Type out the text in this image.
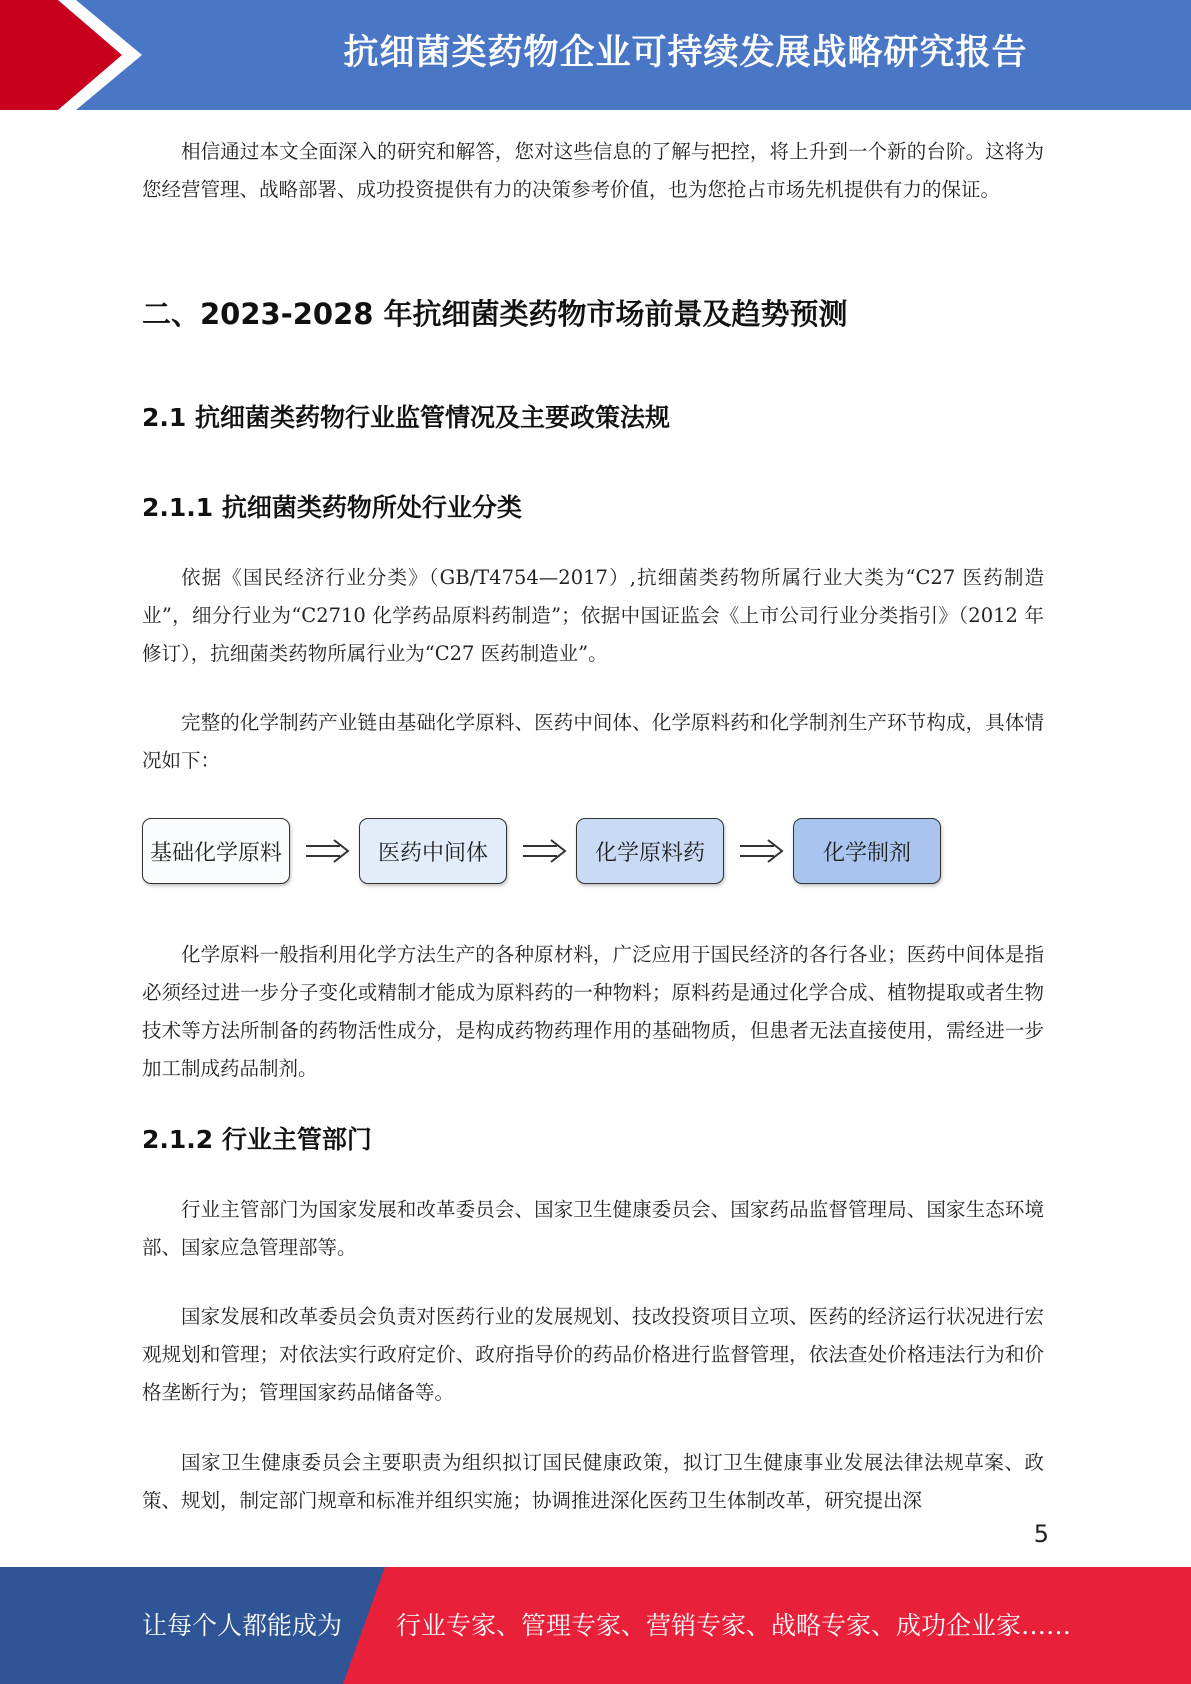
抗细菌类药物企业可持续发展战略研究报告

相信通过本文全面深入的研究和解答，您对这些信息的了解与把控，将上升到一个新的台阶。这将为您经营管理、战略部署、成功投资提供有力的决策参考价值，也为您抢占市场先机提供有力的保证。

二、2023-2028 年抗细菌类药物市场前景及趋势预测
2.1 抗细菌类药物行业监管情况及主要政策法规
2.1.1 抗细菌类药物所处行业分类

依据《国民经济行业分类》（GB/T4754—2017）,抗细菌类药物所属行业大类为“C27 医药制造业”，细分行业为“C2710 化学药品原料药制造”；依据中国证监会《上市公司行业分类指引》（2012 年修订），抗细菌类药物所属行业为“C27 医药制造业”。

完整的化学制药产业链由基础化学原料、医药中间体、化学原料药和化学制剂生产环节构成，具体情况如下：

基础化学原料	医药中间体	化学原料药	化学制剂

化学原料一般指利用化学方法生产的各种原材料，广泛应用于国民经济的各行各业；医药中间体是指必须经过进一步分子变化或精制才能成为原料药的一种物料；原料药是通过化学合成、植物提取或者生物技术等方法所制备的药物活性成分，是构成药物药理作用的基础物质，但患者无法直接使用，需经进一步加工制成药品制剂。

2.1.2 行业主管部门

行业主管部门为国家发展和改革委员会、国家卫生健康委员会、国家药品监督管理局、国家生态环境部、国家应急管理部等。

国家发展和改革委员会负责对医药行业的发展规划、技改投资项目立项、医药的经济运行状况进行宏观规划和管理；对依法实行政府定价、政府指导价的药品价格进行监督管理，依法查处价格违法行为和价格垄断行为；管理国家药品储备等。

国家卫生健康委员会主要职责为组织拟订国民健康政策，拟订卫生健康事业发展法律法规草案、政策、规划，制定部门规章和标准并组织实施；协调推进深化医药卫生体制改革，研究提出深

5
让每个人都能成为 行业专家、管理专家、营销专家、战略专家、成功企业家……
